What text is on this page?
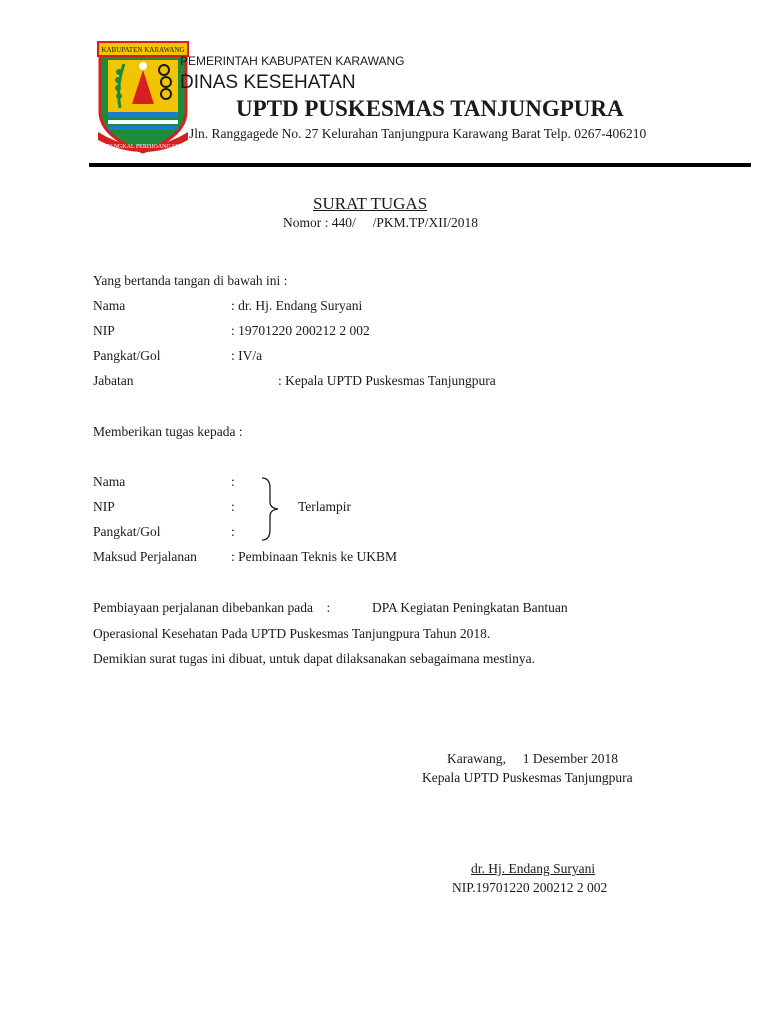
KABUPATEN KARAWANG
PANGKAL PERDJOANGAN
PEMERINTAH KABUPATEN KARAWANG
DINAS KESEHATAN
UPTD PUSKESMAS TANJUNGPURA
Jln. Ranggagede No. 27 Kelurahan Tanjungpura Karawang Barat Telp. 0267-406210
SURAT TUGAS
Nomor : 440/     /PKM.TP/XII/2018
Yang bertanda tangan di bawah ini :
Nama	: dr. Hj. Endang Suryani
NIP	: 19701220 200212 2 002
Pangkat/Gol	: IV/a
Jabatan	: Kepala UPTD Puskesmas Tanjungpura
Memberikan tugas kepada :
Nama	:
NIP	:
Pangkat/Gol	:
Terlampir
Maksud Perjalanan	: Pembinaan Teknis ke UKBM
Pembiayaan perjalanan dibebankan pada    :	DPA Kegiatan Peningkatan Bantuan
Operasional Kesehatan Pada UPTD Puskesmas Tanjungpura Tahun 2018.
Demikian surat tugas ini dibuat, untuk dapat dilaksanakan sebagaimana mestinya.
Karawang,     1 Desember 2018
Kepala UPTD Puskesmas Tanjungpura
dr. Hj. Endang Suryani
NIP.19701220 200212 2 002
